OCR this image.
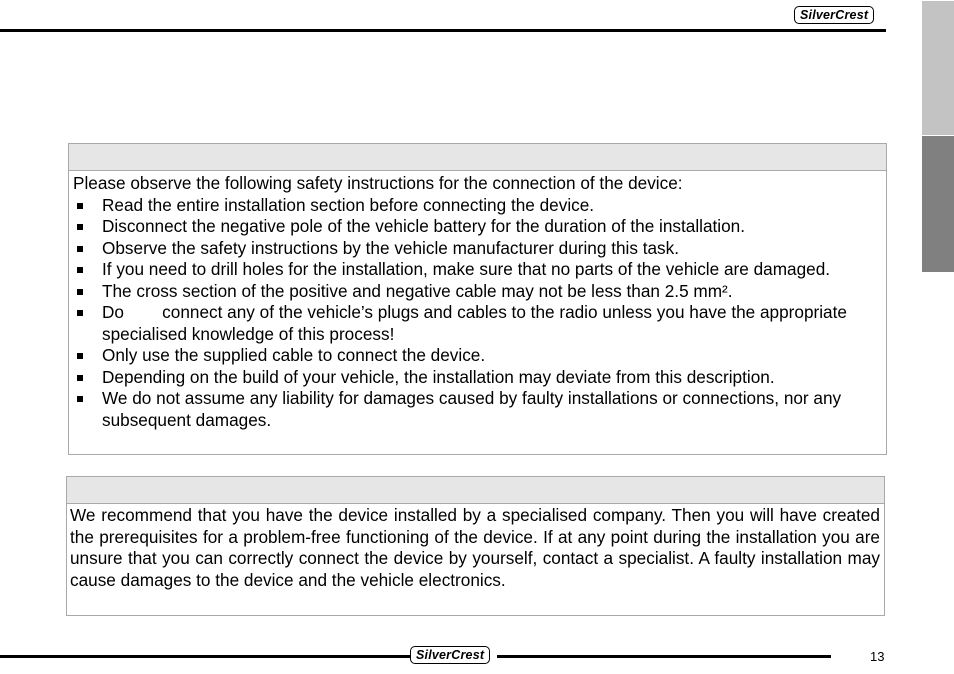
SilverCrest
Please observe the following safety instructions for the connection of the device:
Read the entire installation section before connecting the device.
Disconnect the negative pole of the vehicle battery for the duration of the installation.
Observe the safety instructions by the vehicle manufacturer during this task.
If you need to drill holes for the installation, make sure that no parts of the vehicle are damaged.
The cross section of the positive and negative cable may not be less than 2.5 mm².
Do        connect any of the vehicle’s plugs and cables to the radio unless you have the appropriate specialised knowledge of this process!
Only use the supplied cable to connect the device.
Depending on the build of your vehicle, the installation may deviate from this description.
We do not assume any liability for damages caused by faulty installations or connections, nor any subsequent damages.
We recommend that you have the device installed by a specialised company. Then you will have created the prerequisites for a problem-free functioning of the device. If at any point during the installation you are unsure that you can correctly connect the device by yourself, contact a specialist. A faulty installation may cause damages to the device and the vehicle electronics.
SilverCrest	13
